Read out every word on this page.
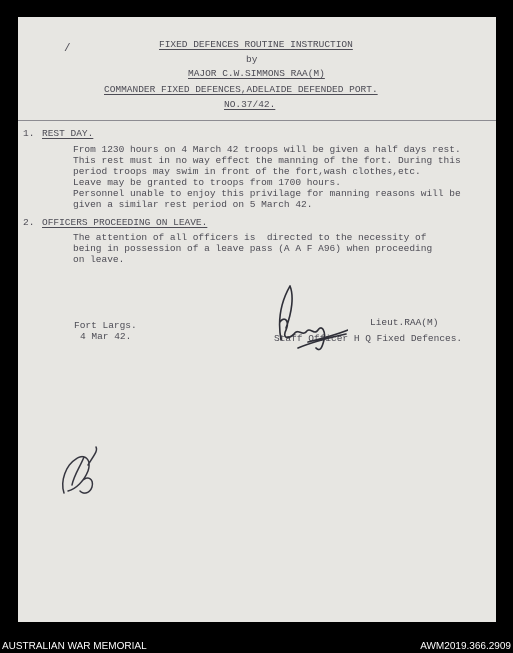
/	FIXED DEFENCES ROUTINE INSTRUCTION
by
MAJOR C.W.SIMMONS RAA(M)
COMMANDER FIXED DEFENCES,ADELAIDE DEFENDED PORT.
NO.37/42.
1. REST DAY.
From 1230 hours on 4 March 42 troops will be given a half days rest.
This rest must in no way effect the manning of the fort. During this
period troops may swim in front of the fort,wash clothes,etc.
Leave may be granted to troops from 1700 hours.
Personnel unable to enjoy this privilage for manning reasons will be
given a similar rest period on 5 March 42.
2. OFFICERS PROCEEDING ON LEAVE.
The attention of all officers is  directed to the necessity of
being in possession of a leave pass (A A F A96) when proceeding
on leave.
Fort Largs.
4 Mar 42.
Lieut.RAA(M)
Staff Officer H Q Fixed Defences.
AUSTRALIAN WAR MEMORIAL	AWM2019.366.2909
